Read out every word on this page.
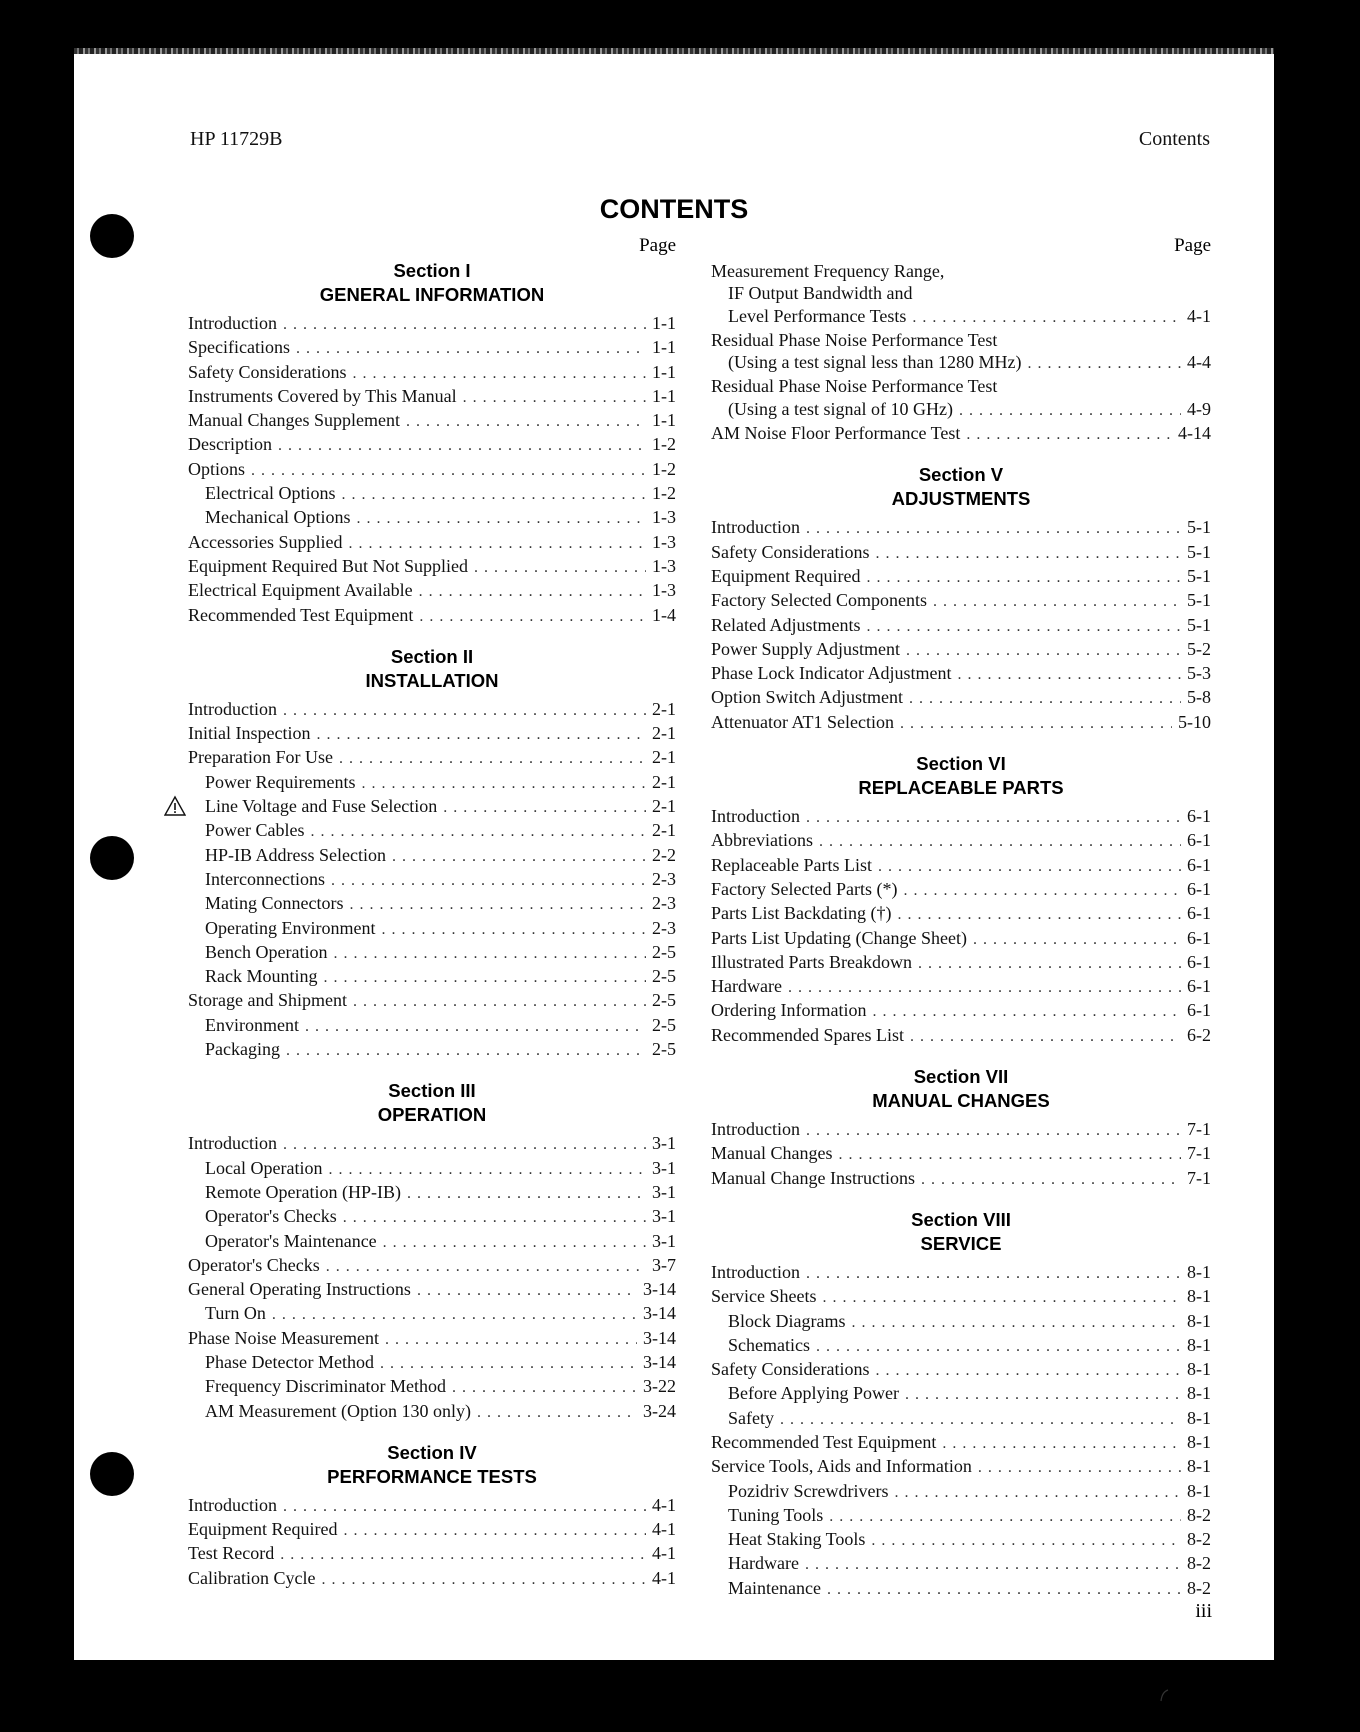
HP 11729B	Contents
CONTENTS
Page
Section I
GENERAL INFORMATION
Introduction . . .	1-1
Specifications . . .	1-1
Safety Considerations . . .	1-1
Instruments Covered by This Manual . . .	1-1
Manual Changes Supplement . . .	1-1
Description . . .	1-2
Options . . .	1-2
Electrical Options . . .	1-2
Mechanical Options . . .	1-3
Accessories Supplied . . .	1-3
Equipment Required But Not Supplied . . .	1-3
Electrical Equipment Available . . .	1-3
Recommended Test Equipment . . .	1-4
Section II
INSTALLATION
Introduction . . .	2-1
Initial Inspection . . .	2-1
Preparation For Use . . .	2-1
Power Requirements . . .	2-1
Line Voltage and Fuse Selection . . .	2-1
Power Cables . . .	2-1
HP-IB Address Selection . . .	2-2
Interconnections . . .	2-3
Mating Connectors . . .	2-3
Operating Environment . . .	2-3
Bench Operation . . .	2-5
Rack Mounting . . .	2-5
Storage and Shipment . . .	2-5
Environment . . .	2-5
Packaging . . .	2-5
Section III
OPERATION
Introduction . . .	3-1
Local Operation . . .	3-1
Remote Operation (HP-IB) . . .	3-1
Operator's Checks . . .	3-1
Operator's Maintenance . . .	3-1
Operator's Checks . . .	3-7
General Operating Instructions . . .	3-14
Turn On . . .	3-14
Phase Noise Measurement . . .	3-14
Phase Detector Method . . .	3-14
Frequency Discriminator Method . . .	3-22
AM Measurement (Option 130 only) . . .	3-24
Section IV
PERFORMANCE TESTS
Introduction . . .	4-1
Equipment Required . . .	4-1
Test Record . . .	4-1
Calibration Cycle . . .	4-1
Page
Measurement Frequency Range,
IF Output Bandwidth and
Level Performance Tests . . .	4-1
Residual Phase Noise Performance Test
(Using a test signal less than 1280 MHz) . . .	4-4
Residual Phase Noise Performance Test
(Using a test signal of 10 GHz) . . .	4-9
AM Noise Floor Performance Test . . .	4-14
Section V
ADJUSTMENTS
Introduction . . .	5-1
Safety Considerations . . .	5-1
Equipment Required . . .	5-1
Factory Selected Components . . .	5-1
Related Adjustments . . .	5-1
Power Supply Adjustment . . .	5-2
Phase Lock Indicator Adjustment . . .	5-3
Option Switch Adjustment . . .	5-8
Attenuator AT1 Selection . . .	5-10
Section VI
REPLACEABLE PARTS
Introduction . . .	6-1
Abbreviations . . .	6-1
Replaceable Parts List . . .	6-1
Factory Selected Parts (*) . . .	6-1
Parts List Backdating (†) . . .	6-1
Parts List Updating (Change Sheet) . . .	6-1
Illustrated Parts Breakdown . . .	6-1
Hardware . . .	6-1
Ordering Information . . .	6-1
Recommended Spares List . . .	6-2
Section VII
MANUAL CHANGES
Introduction . . .	7-1
Manual Changes . . .	7-1
Manual Change Instructions . . .	7-1
Section VIII
SERVICE
Introduction . . .	8-1
Service Sheets . . .	8-1
Block Diagrams . . .	8-1
Schematics . . .	8-1
Safety Considerations . . .	8-1
Before Applying Power . . .	8-1
Safety . . .	8-1
Recommended Test Equipment . . .	8-1
Service Tools, Aids and Information . . .	8-1
Pozidriv Screwdrivers . . .	8-1
Tuning Tools . . .	8-2
Heat Staking Tools . . .	8-2
Hardware . . .	8-2
Maintenance . . .	8-2
iii
